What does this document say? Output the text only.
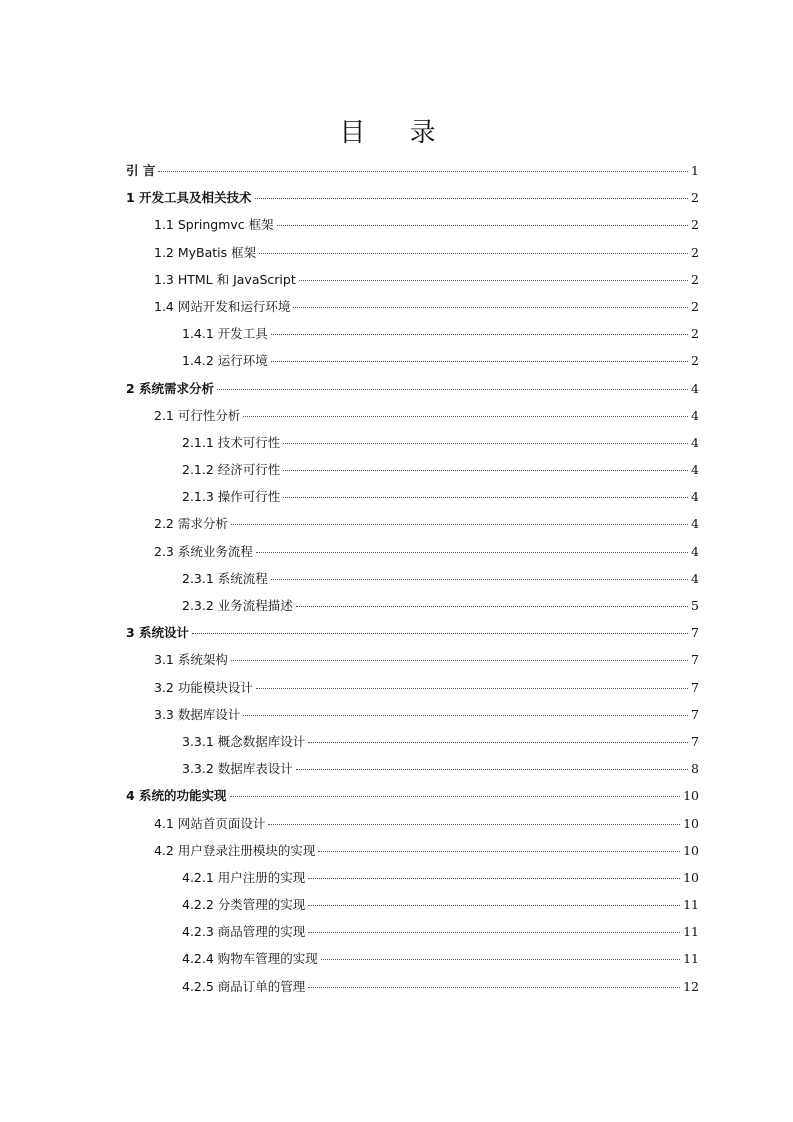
目 录
引 言	1
1 开发工具及相关技术	2
1.1 Springmvc 框架	2
1.2 MyBatis 框架	2
1.3 HTML 和 JavaScript	2
1.4 网站开发和运行环境	2
1.4.1 开发工具	2
1.4.2 运行环境	2
2 系统需求分析	4
2.1 可行性分析	4
2.1.1 技术可行性	4
2.1.2 经济可行性	4
2.1.3 操作可行性	4
2.2 需求分析	4
2.3 系统业务流程	4
2.3.1 系统流程	4
2.3.2 业务流程描述	5
3 系统设计	7
3.1 系统架构	7
3.2 功能模块设计	7
3.3 数据库设计	7
3.3.1 概念数据库设计	7
3.3.2 数据库表设计	8
4 系统的功能实现	10
4.1 网站首页面设计	10
4.2 用户登录注册模块的实现	10
4.2.1 用户注册的实现	10
4.2.2 分类管理的实现	11
4.2.3 商品管理的实现	11
4.2.4 购物车管理的实现	11
4.2.5 商品订单的管理	12
